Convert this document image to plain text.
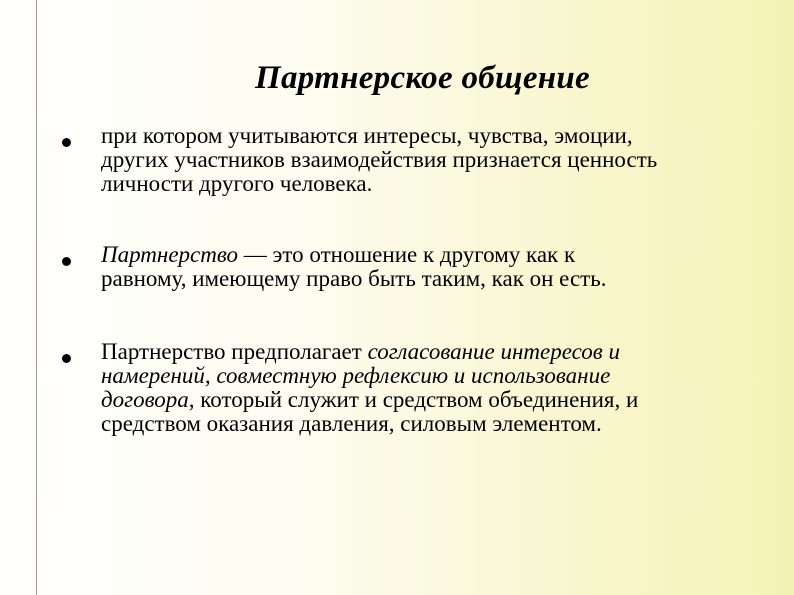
Партнерское общение

при котором учитываются интересы, чувства, эмоции,
других участников взаимодействия признается ценность
личности другого человека.

Партнерство — это отношение к другому как к
равному, имеющему право быть таким, как он есть.

Партнерство предполагает согласование интересов и
намерений, совместную рефлексию и использование
договора, который служит и средством объединения, и
средством оказания давления, силовым элементом.
